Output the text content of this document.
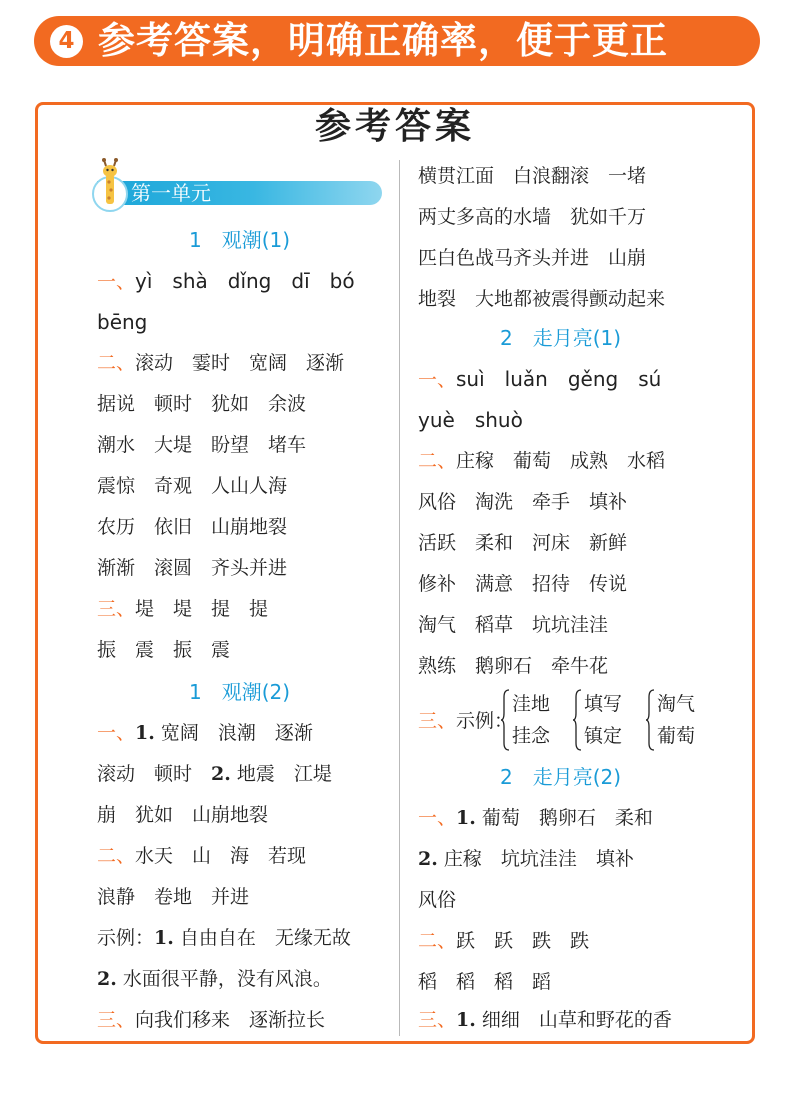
4 参考答案，明确正确率，便于更正
参考答案
第一单元
1　观潮(1)
一、yì　shà　dǐng　dī　bó
bēng
二、滚动　霎时　宽阔　逐渐
据说　顿时　犹如　余波
潮水　大堤　盼望　堵车
震惊　奇观　人山人海
农历　依旧　山崩地裂
渐渐　滚圆　齐头并进
三、堤　堤　提　提
振　震　振　震
1　观潮(2)
一、1. 宽阔　浪潮　逐渐
滚动　顿时　2. 地震　江堤
崩　犹如　山崩地裂
二、水天　山　海　若现
浪静　卷地　并进
示例：1. 自由自在　无缘无故
2. 水面很平静，没有风浪。
三、向我们移来　逐渐拉长
横贯江面　白浪翻滚　一堵
两丈多高的水墙　犹如千万
匹白色战马齐头并进　山崩
地裂　大地都被震得颤动起来
2　走月亮(1)
一、suì　luǎn　gěng　sú
yuè　shuò
二、庄稼　葡萄　成熟　水稻
风俗　淘洗　牵手　填补
活跃　柔和　河床　新鲜
修补　满意　招待　传说
淘气　稻草　坑坑洼洼
熟练　鹅卵石　牵牛花
三、示例：
洼地
挂念
填写
镇定
淘气
葡萄
2　走月亮(2)
一、1. 葡萄　鹅卵石　柔和
2. 庄稼　坑坑洼洼　填补
风俗
二、跃　跃　跌　跌
稻　稻　稻　蹈
三、1. 细细　山草和野花的香
